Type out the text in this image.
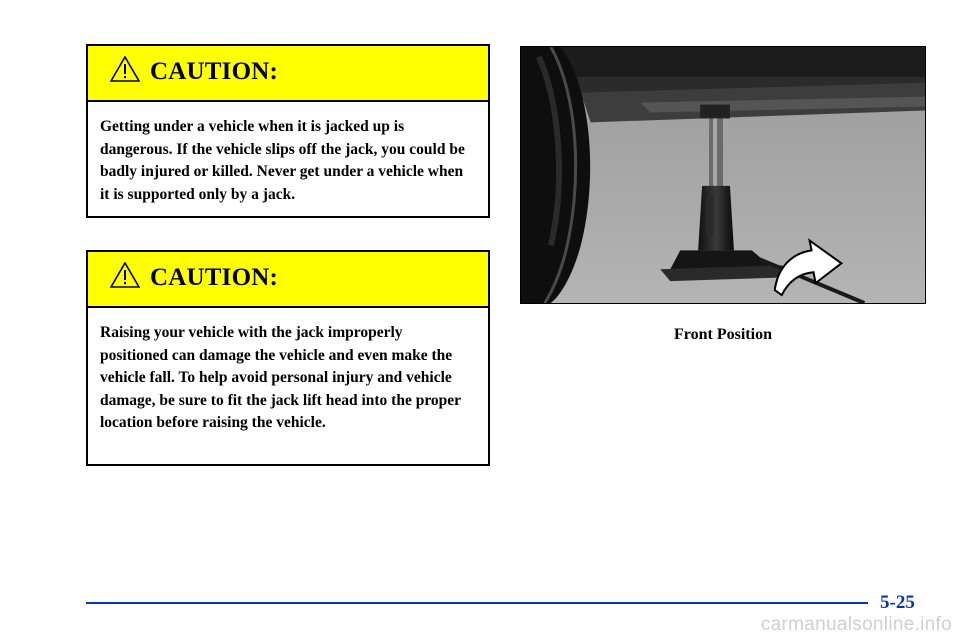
CAUTION:
Getting under a vehicle when it is jacked up is dangerous. If the vehicle slips off the jack, you could be badly injured or killed. Never get under a vehicle when it is supported only by a jack.
CAUTION:
Raising your vehicle with the jack improperly positioned can damage the vehicle and even make the vehicle fall. To help avoid personal injury and vehicle damage, be sure to fit the jack lift head into the proper location before raising the vehicle.
Front Position
5-25
carmanualsonline.info
